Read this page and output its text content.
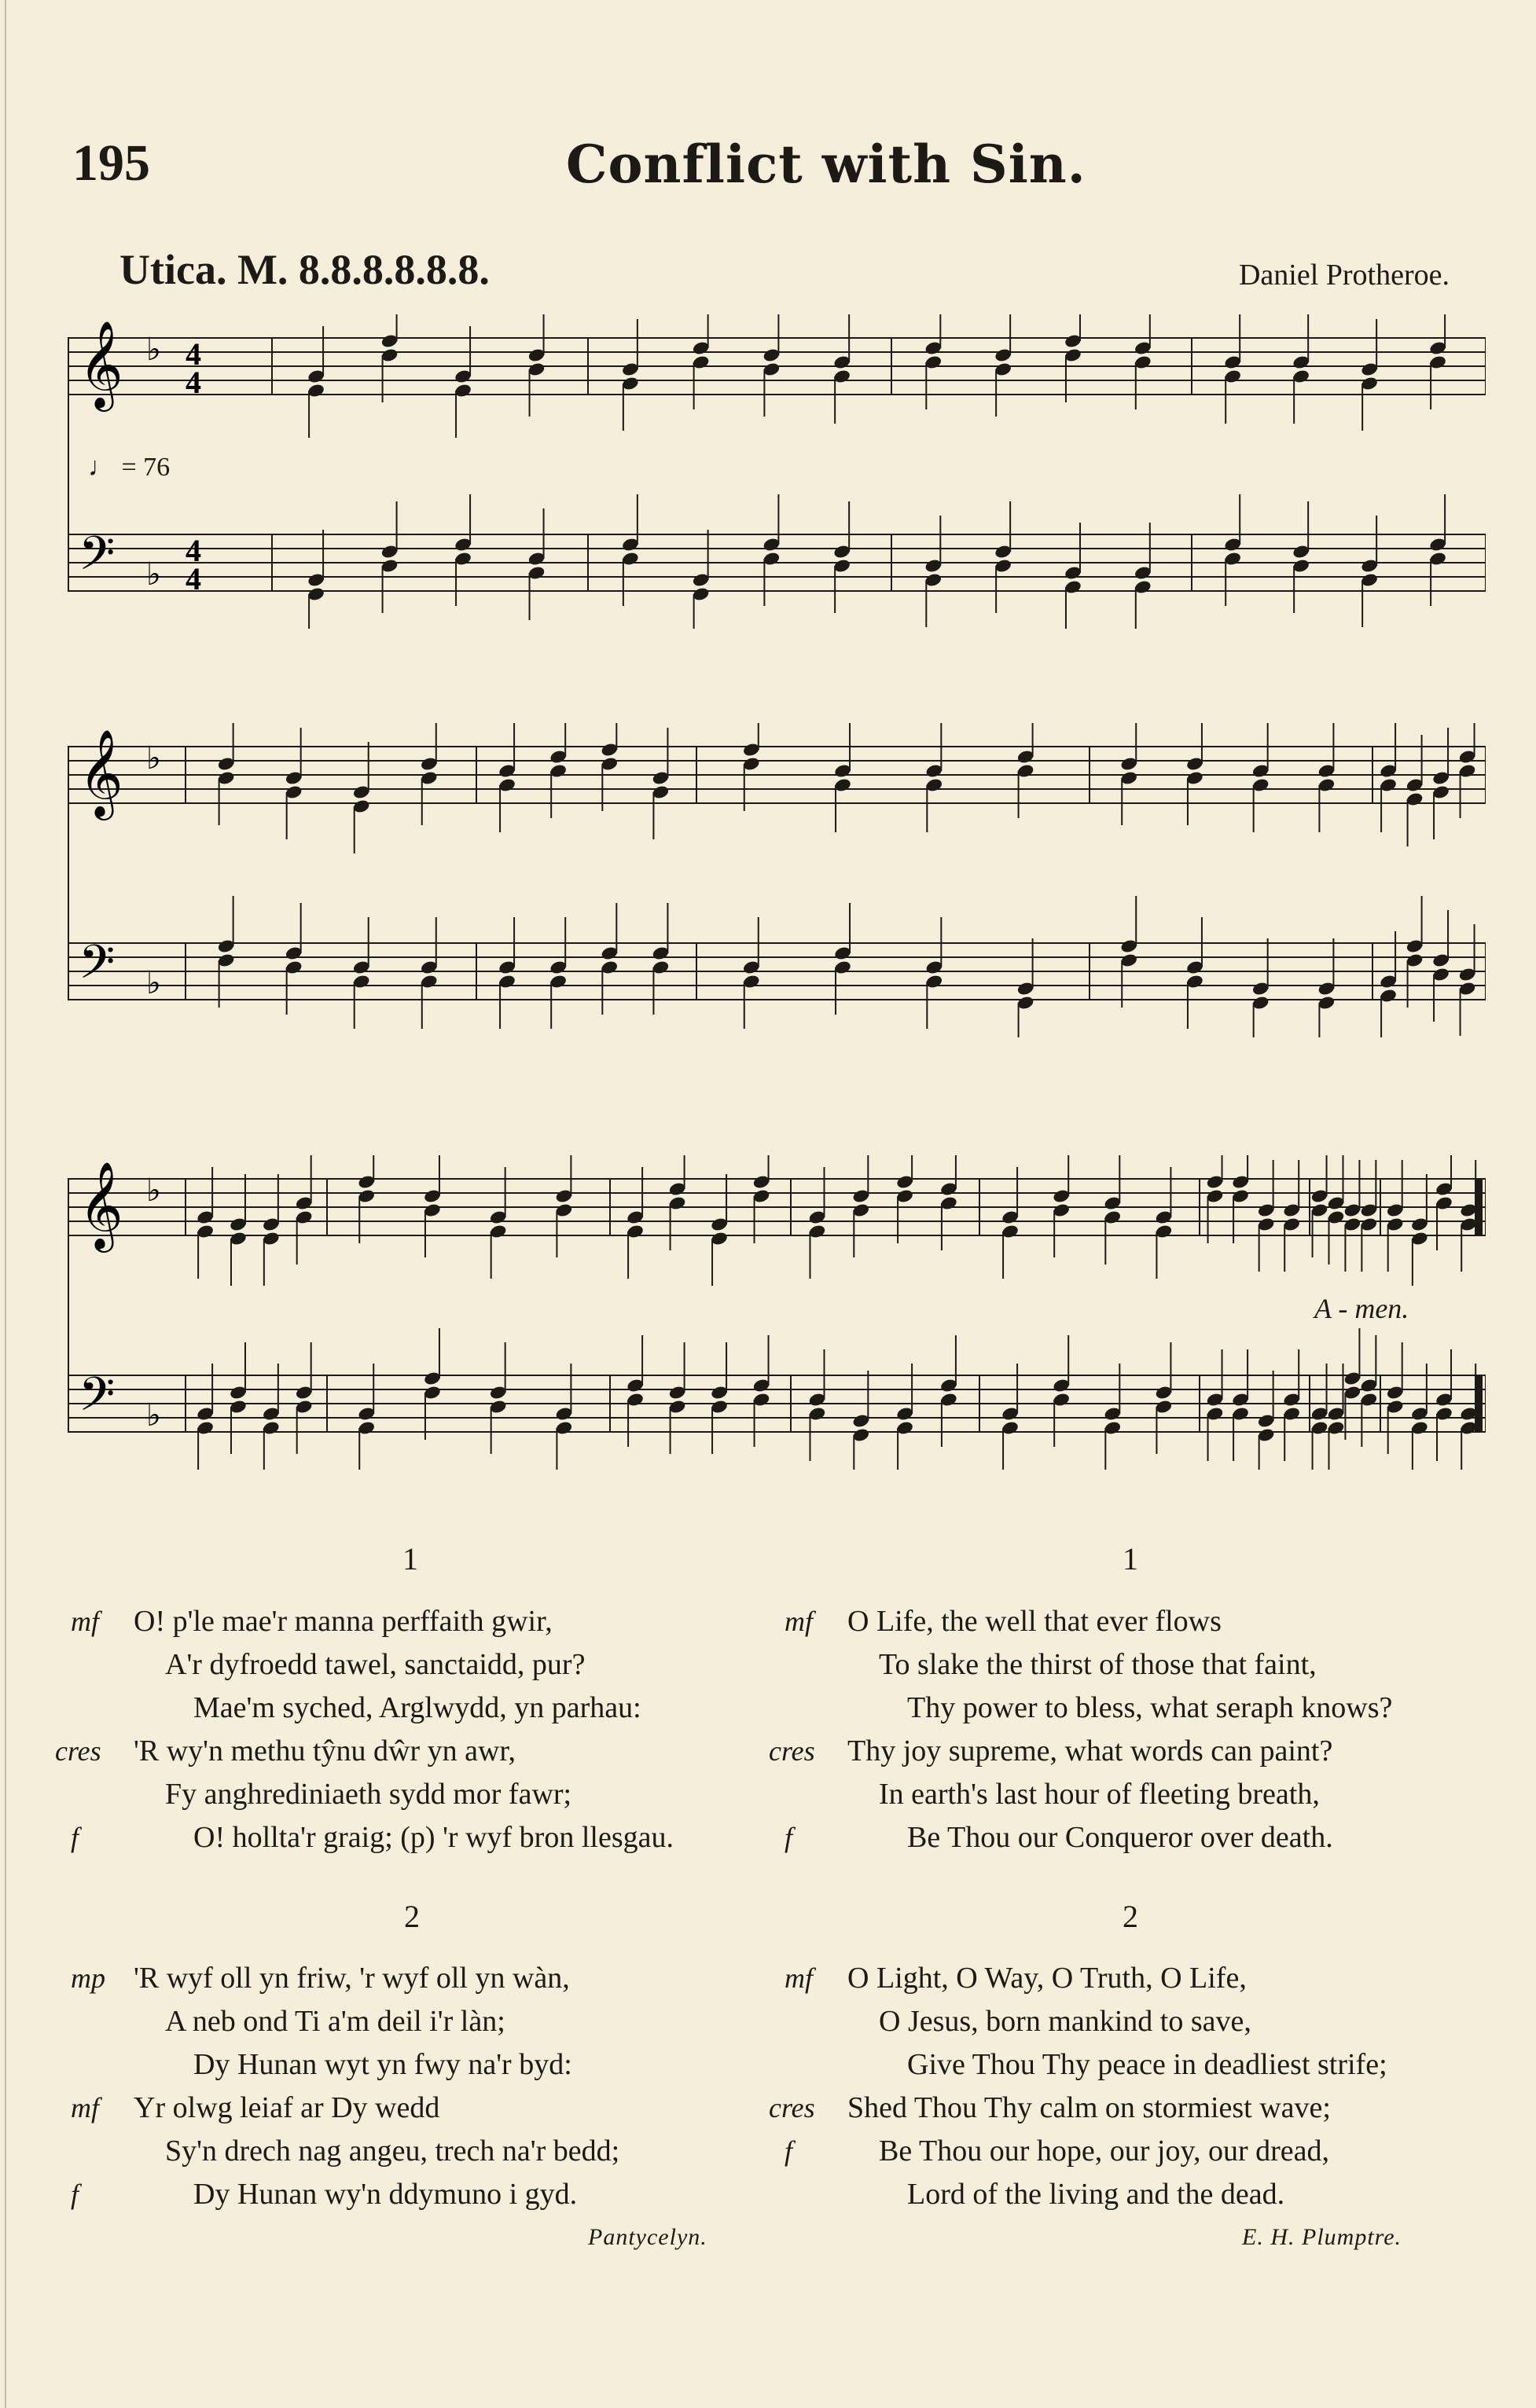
195	Conflict with Sin.
Utica. M. 8.8.8.8.8.8.	Daniel Protheroe.
𝄞
𝄢
♭
♭
4
4
4
4
𝄞
𝄢
♭
♭
𝄞
𝄢
♭
♭
♩ = 76
A - men.
1
mf O! p'le mae'r manna perffaith gwir,
A'r dyfroedd tawel, sanctaidd, pur?
Mae'm syched, Arglwydd, yn parhau:
cres 'R wy'n methu tŷnu dŵr yn awr,
Fy anghrediniaeth sydd mor fawr;
f	O! hollta'r graig; (p) 'r wyf bron llesgau.
2
mp 'R wyf oll yn friw, 'r wyf oll yn wàn,
A neb ond Ti a'm deil i'r làn;
Dy Hunan wyt yn fwy na'r byd:
mf Yr olwg leiaf ar Dy wedd
Sy'n drech nag angeu, trech na'r bedd;
f	Dy Hunan wy'n ddymuno i gyd.
Pantycelyn.
1
mf O Life, the well that ever flows
To slake the thirst of those that faint,
Thy power to bless, what seraph knows?
cres Thy joy supreme, what words can paint?
In earth's last hour of fleeting breath,
f	Be Thou our Conqueror over death.
2
mf O Light, O Way, O Truth, O Life,
O Jesus, born mankind to save,
Give Thou Thy peace in deadliest strife;
cres Shed Thou Thy calm on stormiest wave;
f	Be Thou our hope, our joy, our dread,
Lord of the living and the dead.
E. H. Plumptre.
